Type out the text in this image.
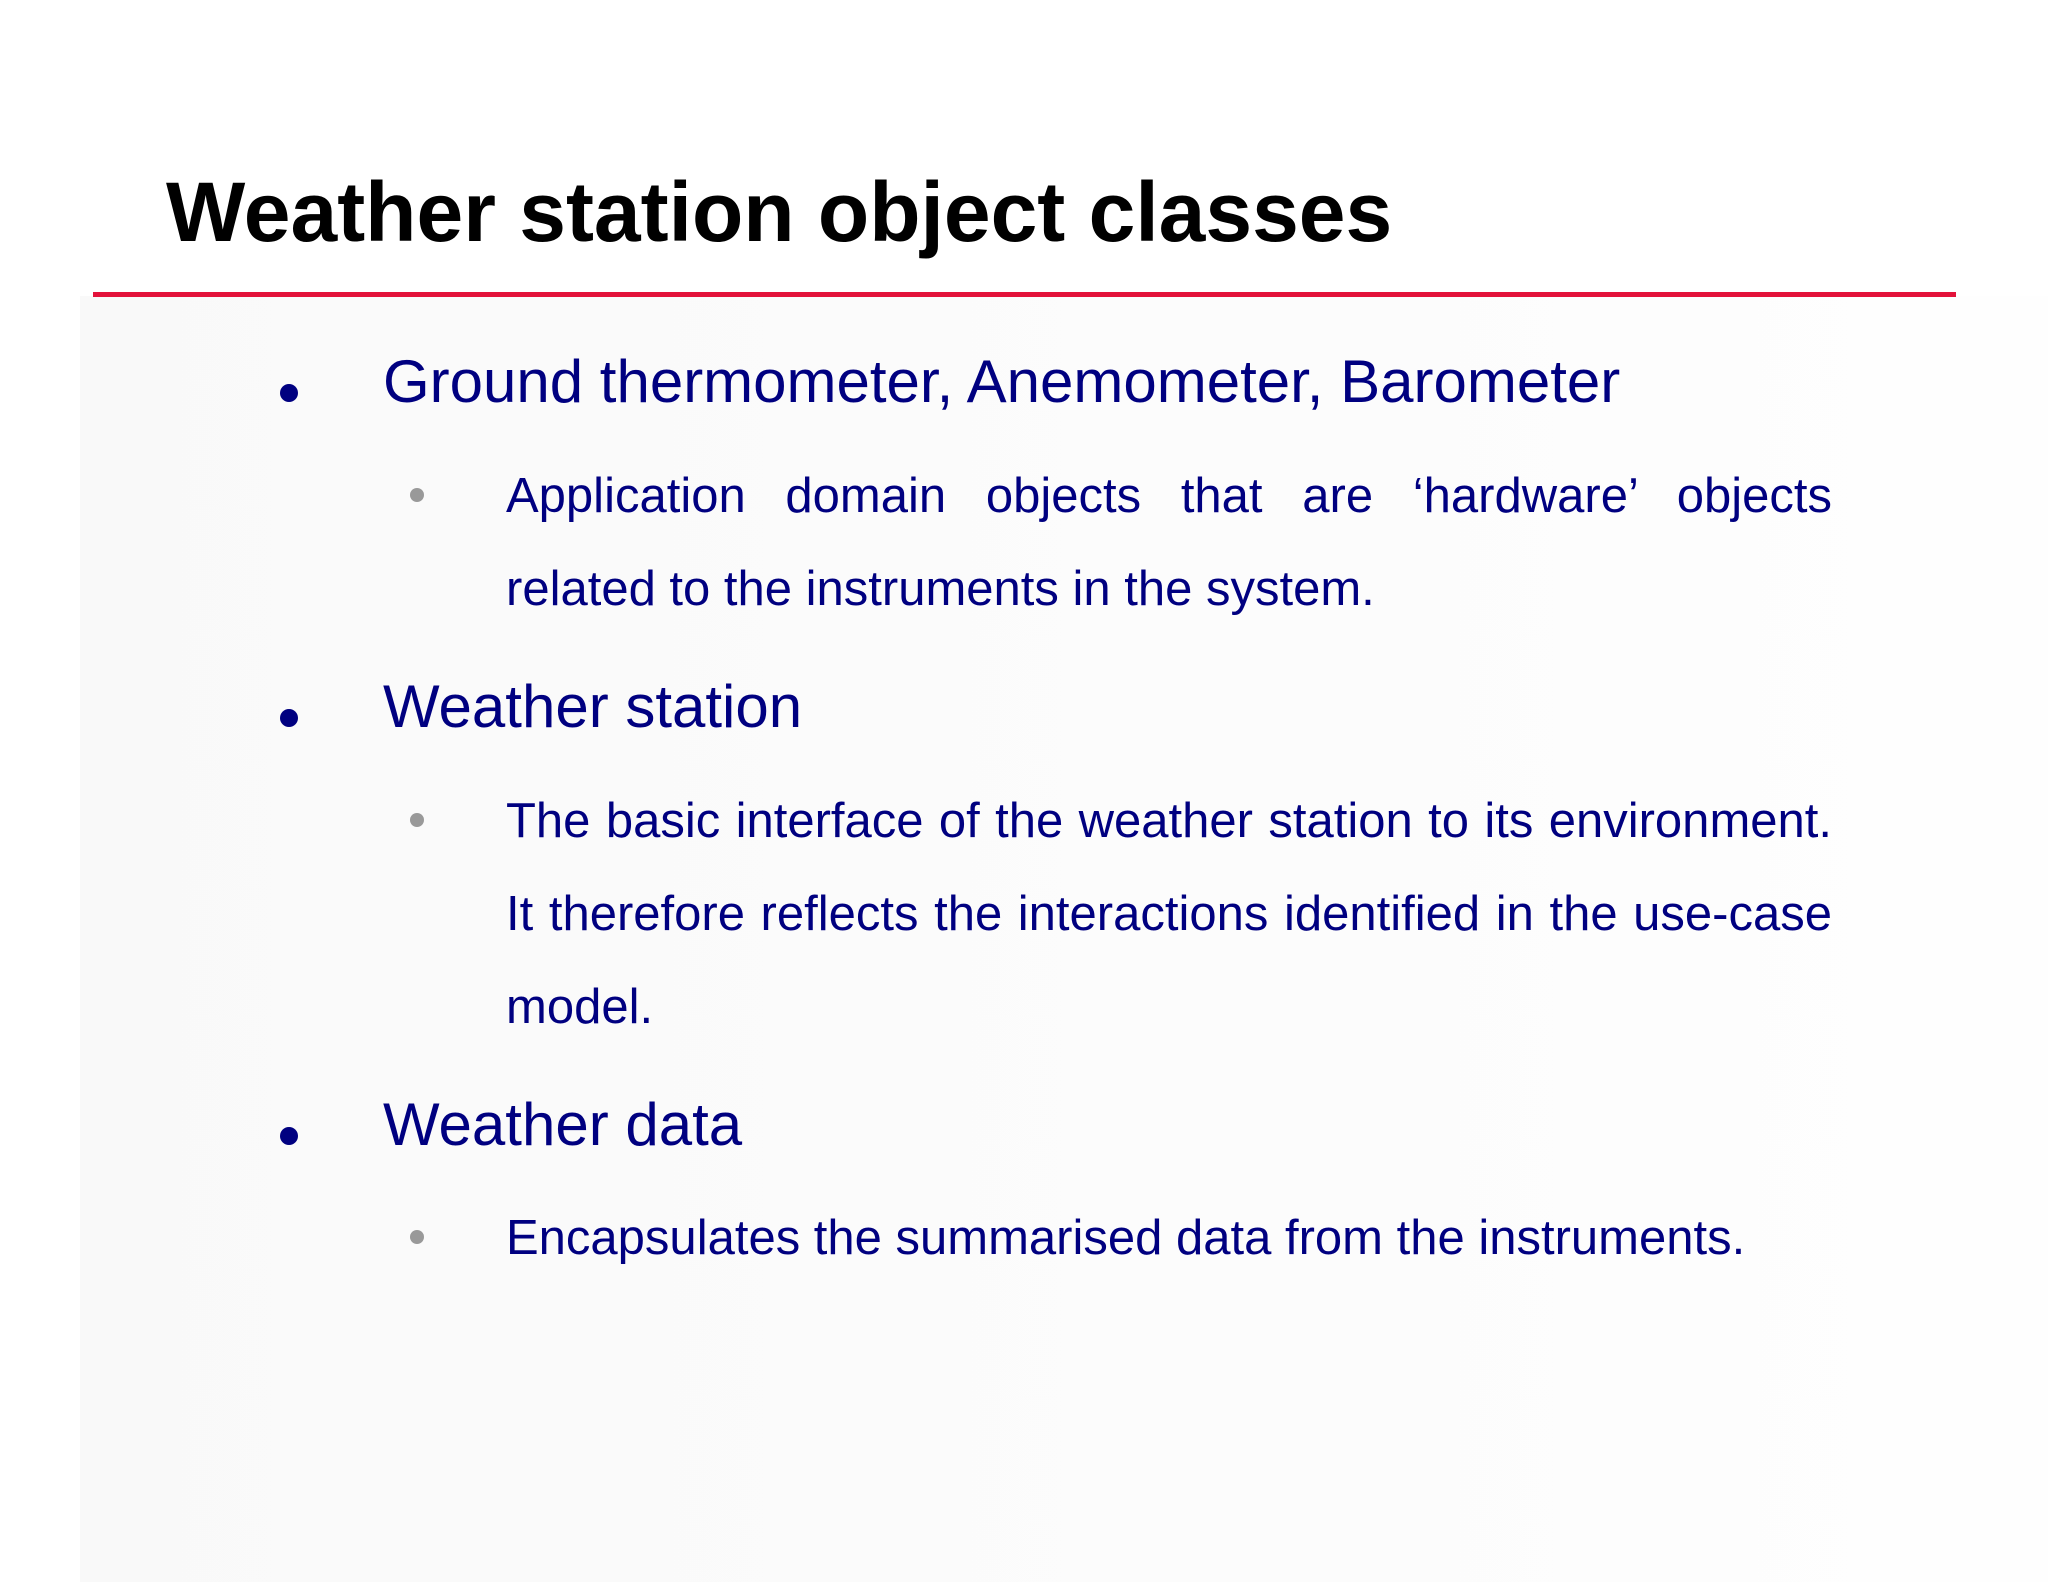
Weather station object classes
Ground thermometer, Anemometer, Barometer
Application domain objects that are ‘hardware’ objects related to the instruments in the system.
Weather station
The basic interface of the weather station to its environment. It therefore reflects the interactions identified in the use-case model.
Weather data
Encapsulates the summarised data from the instruments.
